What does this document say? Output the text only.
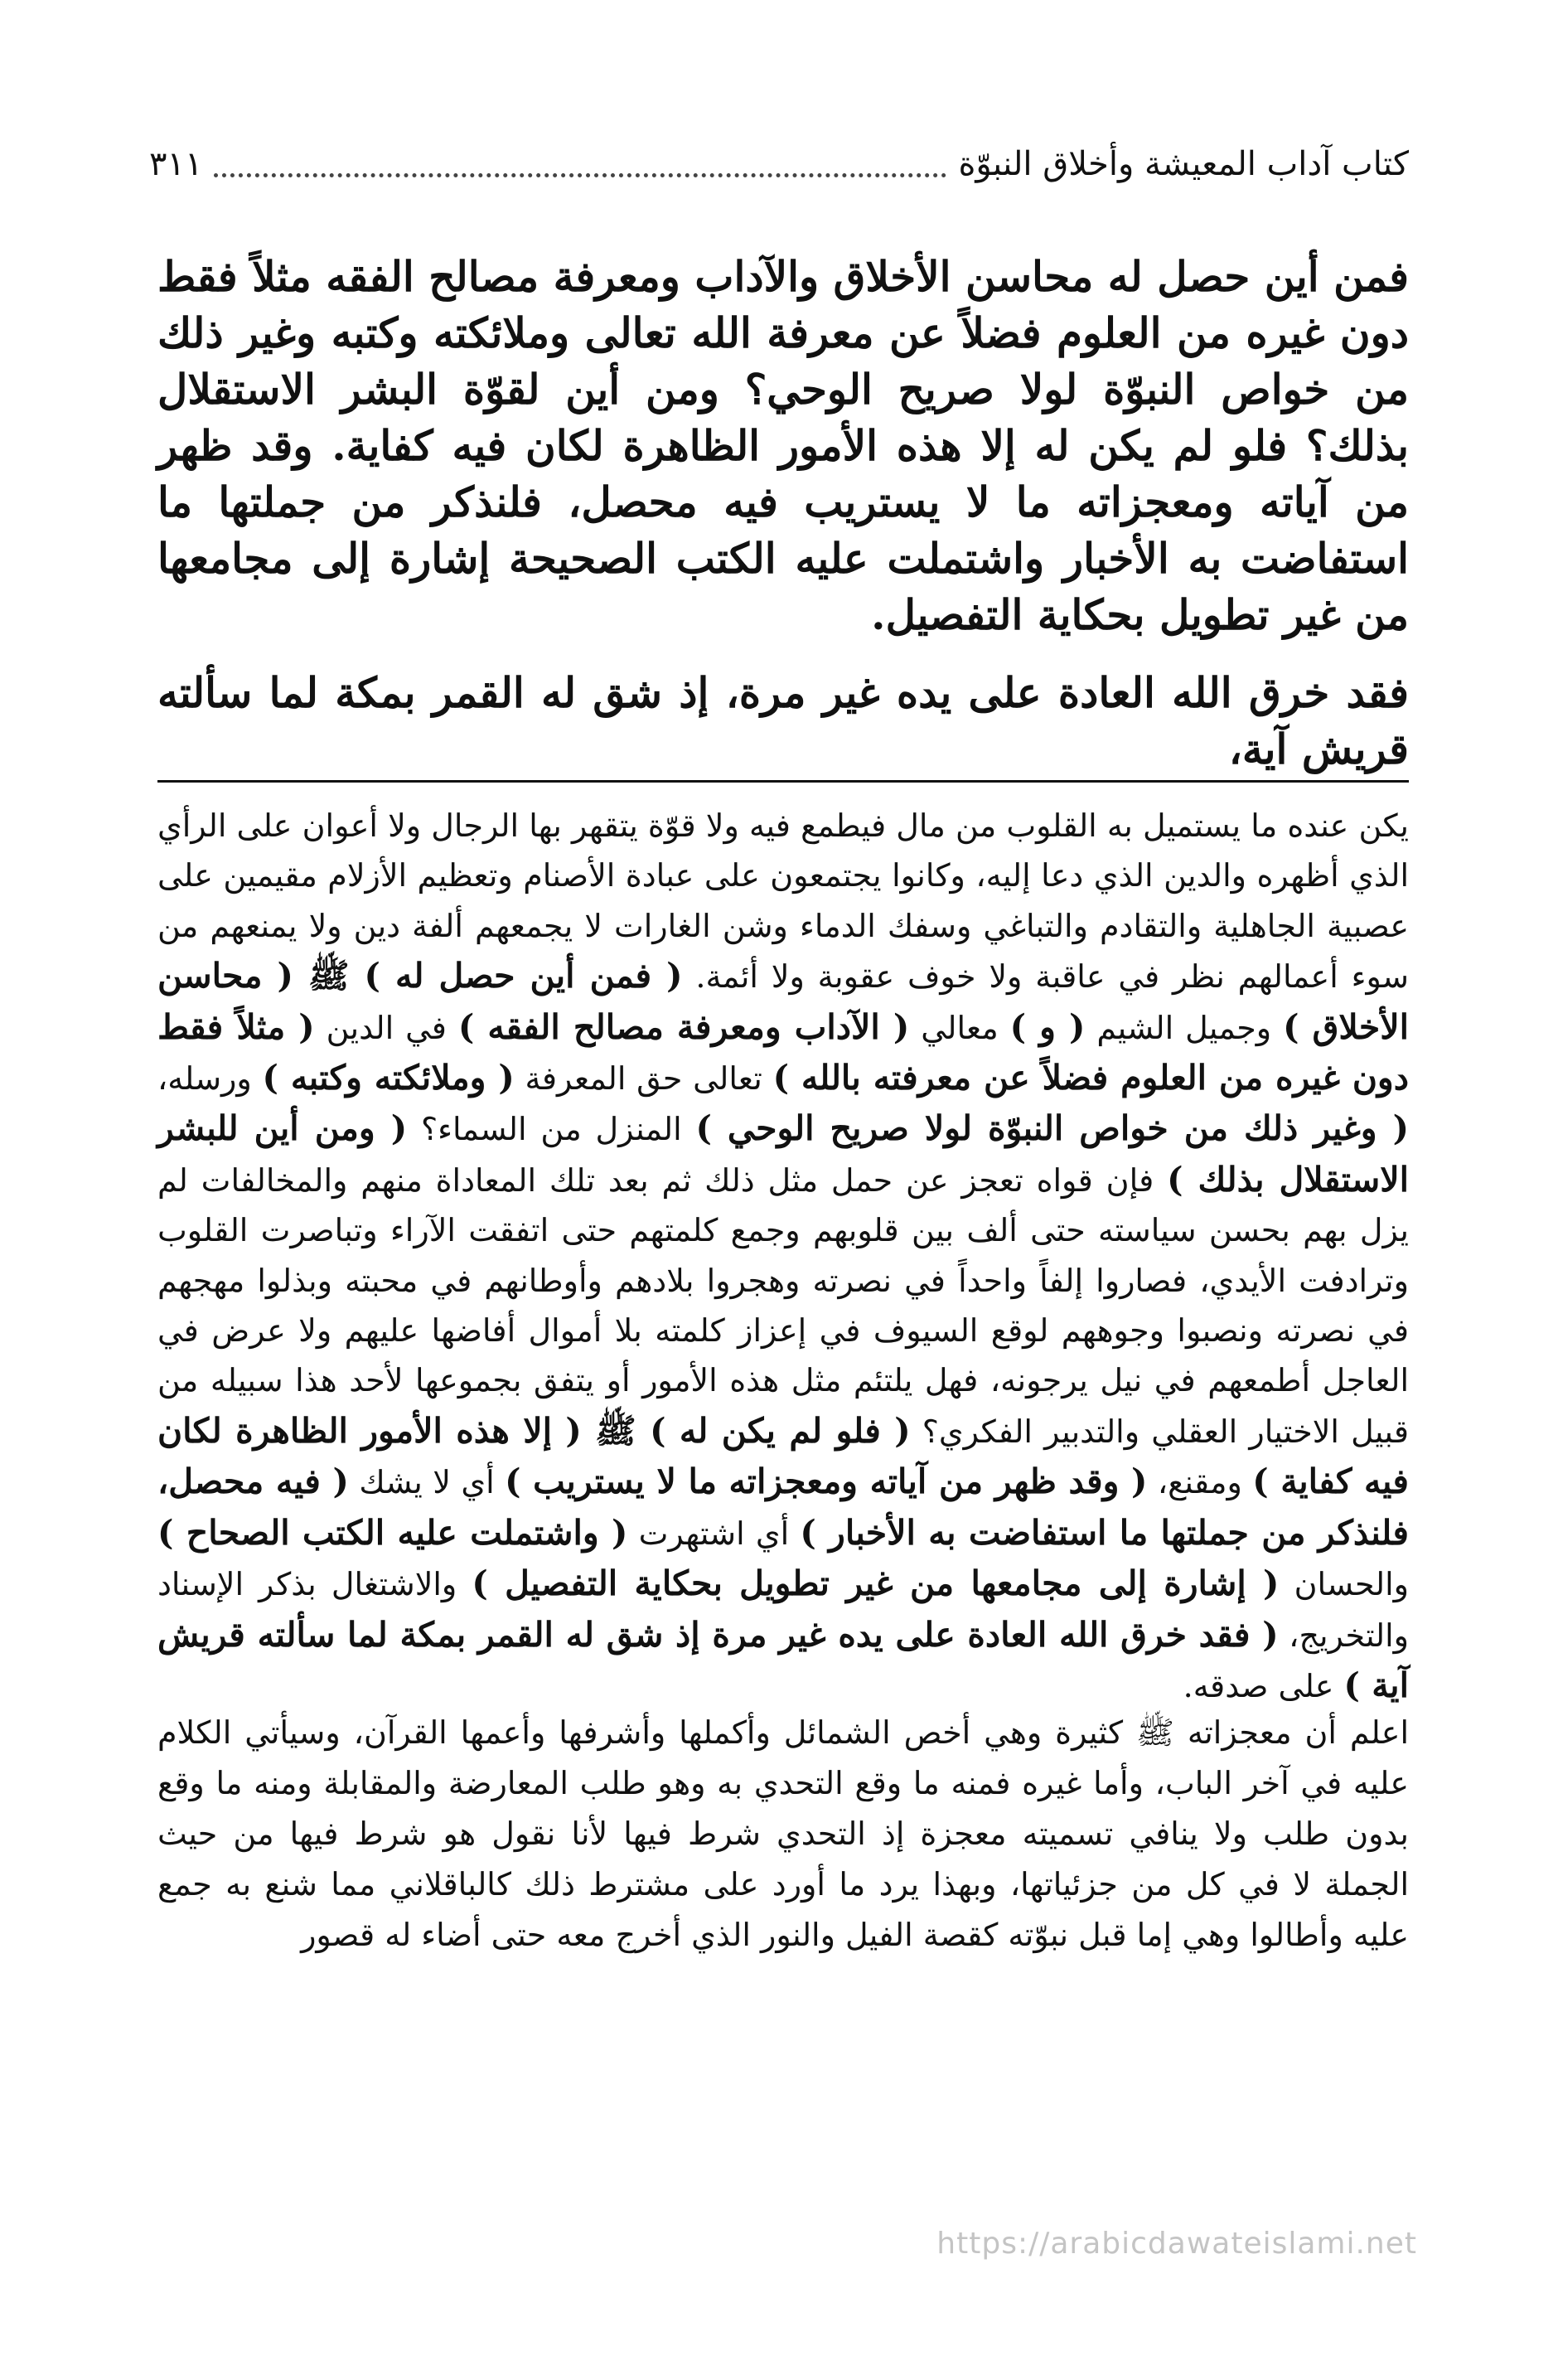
كتاب آداب المعيشة وأخلاق النبوّة
٣١١

فمن أين حصل له محاسن الأخلاق والآداب ومعرفة مصالح الفقه مثلاً فقط دون غيره من العلوم فضلاً عن معرفة الله تعالى وملائكته وكتبه وغير ذلك من خواص النبوّة لولا صريح الوحي؟ ومن أين لقوّة البشر الاستقلال بذلك؟ فلو لم يكن له إلا هذه الأمور الظاهرة لكان فيه كفاية. وقد ظهر من آياته ومعجزاته ما لا يستريب فيه محصل، فلنذكر من جملتها ما استفاضت به الأخبار واشتملت عليه الكتب الصحيحة إشارة إلى مجامعها من غير تطويل بحكاية التفصيل.

فقد خرق الله العادة على يده غير مرة، إذ شق له القمر بمكة لما سألته قريش آية،

يكن عنده ما يستميل به القلوب من مال فيطمع فيه ولا قوّة يتقهر بها الرجال ولا أعوان على الرأي الذي أظهره والدين الذي دعا إليه، وكانوا يجتمعون على عبادة الأصنام وتعظيم الأزلام مقيمين على عصبية الجاهلية والتقادم والتباغي وسفك الدماء وشن الغارات لا يجمعهم ألفة دين ولا يمنعهم من سوء أعمالهم نظر في عاقبة ولا خوف عقوبة ولا أئمة. ( فمن أين حصل له ) ﷺ ( محاسن الأخلاق ) وجميل الشيم ( و ) معالي ( الآداب ومعرفة مصالح الفقه ) في الدين ( مثلاً فقط دون غيره من العلوم فضلاً عن معرفته بالله ) تعالى حق المعرفة ( وملائكته وكتبه ) ورسله، ( وغير ذلك من خواص النبوّة لولا صريح الوحي ) المنزل من السماء؟ ( ومن أين للبشر الاستقلال بذلك ) فإن قواه تعجز عن حمل مثل ذلك ثم بعد تلك المعاداة منهم والمخالفات لم يزل بهم بحسن سياسته حتى ألف بين قلوبهم وجمع كلمتهم حتى اتفقت الآراء وتباصرت القلوب وترادفت الأيدي، فصاروا إلفاً واحداً في نصرته وهجروا بلادهم وأوطانهم في محبته وبذلوا مهجهم في نصرته ونصبوا وجوههم لوقع السيوف في إعزاز كلمته بلا أموال أفاضها عليهم ولا عرض في العاجل أطمعهم في نيل يرجونه، فهل يلتئم مثل هذه الأمور أو يتفق بجموعها لأحد هذا سبيله من قبيل الاختيار العقلي والتدبير الفكري؟ ( فلو لم يكن له ) ﷺ ( إلا هذه الأمور الظاهرة لكان فيه كفاية ) ومقنع، ( وقد ظهر من آياته ومعجزاته ما لا يستريب ) أي لا يشك ( فيه محصل، فلنذكر من جملتها ما استفاضت به الأخبار ) أي اشتهرت ( واشتملت عليه الكتب الصحاح ) والحسان ( إشارة إلى مجامعها من غير تطويل بحكاية التفصيل ) والاشتغال بذكر الإسناد والتخريج، ( فقد خرق الله العادة على يده غير مرة إذ شق له القمر بمكة لما سألته قريش آية ) على صدقه.

اعلم أن معجزاته ﷺ كثيرة وهي أخص الشمائل وأكملها وأشرفها وأعمها القرآن، وسيأتي الكلام عليه في آخر الباب، وأما غيره فمنه ما وقع التحدي به وهو طلب المعارضة والمقابلة ومنه ما وقع بدون طلب ولا ينافي تسميته معجزة إذ التحدي شرط فيها لأنا نقول هو شرط فيها من حيث الجملة لا في كل من جزئياتها، وبهذا يرد ما أورد على مشترط ذلك كالباقلاني مما شنع به جمع عليه وأطالوا وهي إما قبل نبوّته كقصة الفيل والنور الذي أخرج معه حتى أضاء له قصور

https://arabicdawateislami.net
